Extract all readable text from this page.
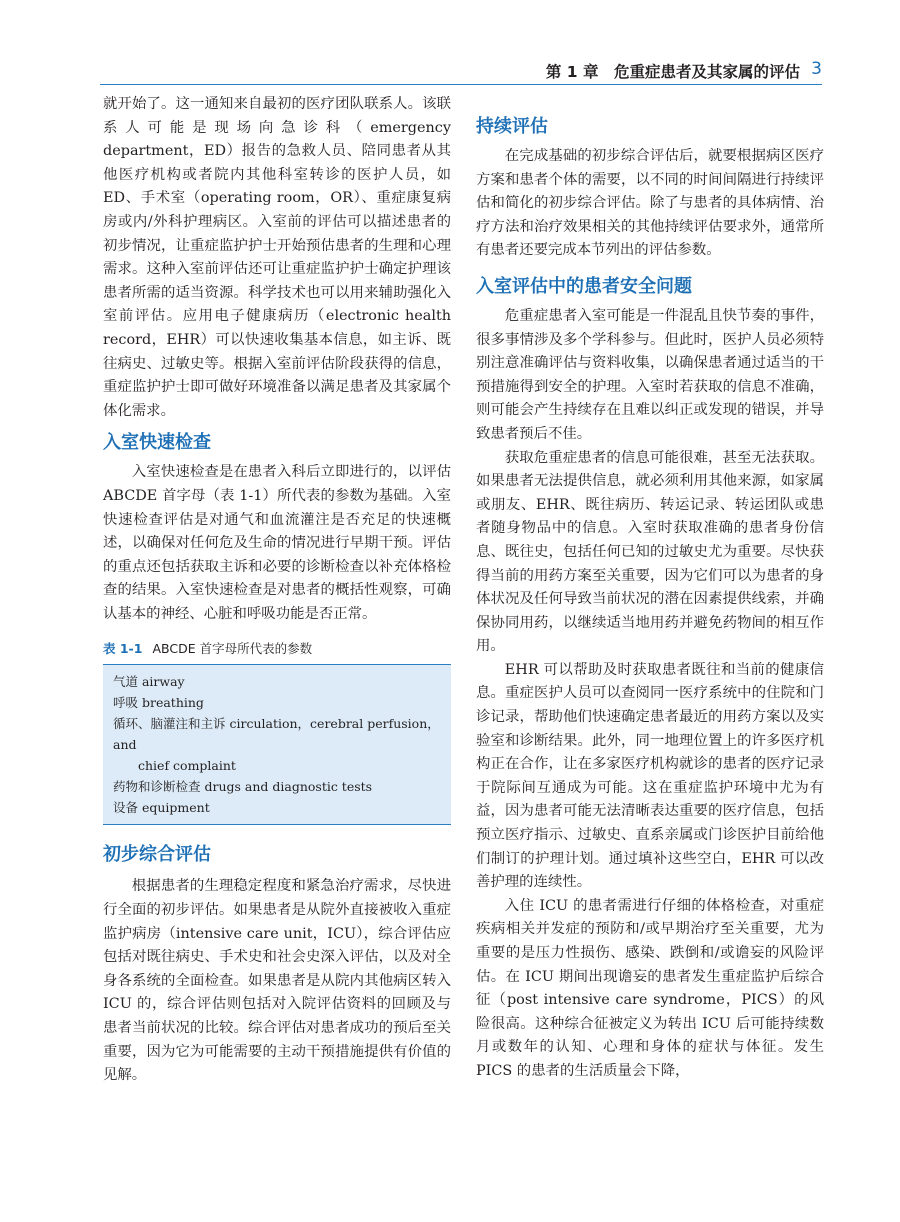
第 1 章　危重症患者及其家属的评估 3

就开始了。这一通知来自最初的医疗团队联系人。该联系人可能是现场向急诊科（emergency department，ED）报告的急救人员、陪同患者从其他医疗机构或者院内其他科室转诊的医护人员，如 ED、手术室（operating room，OR）、重症康复病房或内/外科护理病区。入室前的评估可以描述患者的初步情况，让重症监护护士开始预估患者的生理和心理需求。这种入室前评估还可让重症监护护士确定护理该患者所需的适当资源。科学技术也可以用来辅助强化入室前评估。应用电子健康病历（electronic health record，EHR）可以快速收集基本信息，如主诉、既往病史、过敏史等。根据入室前评估阶段获得的信息，重症监护护士即可做好环境准备以满足患者及其家属个体化需求。

入室快速检查

入室快速检查是在患者入科后立即进行的，以评估 ABCDE 首字母（表 1-1）所代表的参数为基础。入室快速检查评估是对通气和血流灌注是否充足的快速概述，以确保对任何危及生命的情况进行早期干预。评估的重点还包括获取主诉和必要的诊断检查以补充体格检查的结果。入室快速检查是对患者的概括性观察，可确认基本的神经、心脏和呼吸功能是否正常。

表 1-1 ABCDE 首字母所代表的参数
气道 airway
呼吸 breathing
循环、脑灌注和主诉 circulation，cerebral perfusion，and
chief complaint
药物和诊断检查 drugs and diagnostic tests
设备 equipment
初步综合评估

根据患者的生理稳定程度和紧急治疗需求，尽快进行全面的初步评估。如果患者是从院外直接被收入重症监护病房（intensive care unit，ICU），综合评估应包括对既往病史、手术史和社会史深入评估，以及对全身各系统的全面检查。如果患者是从院内其他病区转入 ICU 的，综合评估则包括对入院评估资料的回顾及与患者当前状况的比较。综合评估对患者成功的预后至关重要，因为它为可能需要的主动干预措施提供有价值的见解。

持续评估

在完成基础的初步综合评估后，就要根据病区医疗方案和患者个体的需要，以不同的时间间隔进行持续评估和简化的初步综合评估。除了与患者的具体病情、治疗方法和治疗效果相关的其他持续评估要求外，通常所有患者还要完成本节列出的评估参数。

入室评估中的患者安全问题

危重症患者入室可能是一件混乱且快节奏的事件，很多事情涉及多个学科参与。但此时，医护人员必须特别注意准确评估与资料收集，以确保患者通过适当的干预措施得到安全的护理。入室时若获取的信息不准确，则可能会产生持续存在且难以纠正或发现的错误，并导致患者预后不佳。

获取危重症患者的信息可能很难，甚至无法获取。如果患者无法提供信息，就必须利用其他来源，如家属或朋友、EHR、既往病历、转运记录、转运团队或患者随身物品中的信息。入室时获取准确的患者身份信息、既往史，包括任何已知的过敏史尤为重要。尽快获得当前的用药方案至关重要，因为它们可以为患者的身体状况及任何导致当前状况的潜在因素提供线索，并确保协同用药，以继续适当地用药并避免药物间的相互作用。

EHR 可以帮助及时获取患者既往和当前的健康信息。重症医护人员可以查阅同一医疗系统中的住院和门诊记录，帮助他们快速确定患者最近的用药方案以及实验室和诊断结果。此外，同一地理位置上的许多医疗机构正在合作，让在多家医疗机构就诊的患者的医疗记录于院际间互通成为可能。这在重症监护环境中尤为有益，因为患者可能无法清晰表达重要的医疗信息，包括预立医疗指示、过敏史、直系亲属或门诊医护目前给他们制订的护理计划。通过填补这些空白，EHR 可以改善护理的连续性。

入住 ICU 的患者需进行仔细的体格检查，对重症疾病相关并发症的预防和/或早期治疗至关重要，尤为重要的是压力性损伤、感染、跌倒和/或谵妄的风险评估。在 ICU 期间出现谵妄的患者发生重症监护后综合征（post intensive care syndrome，PICS）的风险很高。这种综合征被定义为转出 ICU 后可能持续数月或数年的认知、心理和身体的症状与体征。发生 PICS 的患者的生活质量会下降，
